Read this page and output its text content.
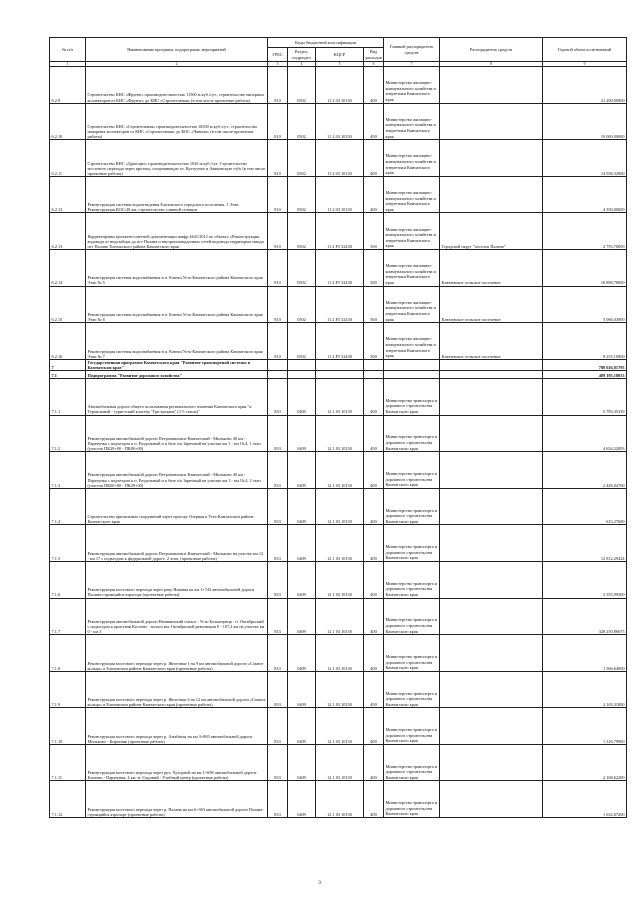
№ п/п	Наименование программ, подпрограмм, мероприятий	Коды бюджетной классификации				Главный распорядитель средств	Распорядитель средств	Годовой объем ассигнований
		ГРБС	Раздел, подраздел	КЦСР	Вид расходов			
1	2	3	4	5	6	7	8	9
6.2.9	Строительство КНС «Фрунзе» производительностью 11500 м.куб./сут., строительство напорных коллекторов от КНС «Фрунзе» до КНС «Строительная» (в том числе проектные работы)	810	0502	11 2 03 10130	400	Министерство жилищно-коммунального хозяйства и энергетики Камчатского края		21 200,00000
6.2.10	Строительство КНС «Строительная» производительностью 16500 м.куб./сут., строительство напорных коллекторов от КНС «Строительная» до КОС «Чавыча» (в том числе проектные работы)	810	0502	11 2 03 10130	400	Министерство жилищно-коммунального хозяйства и энергетики Камчатского края		19 000,00000
6.2.11	Строительство КНС «Драгоцит» производительностью 1020 м.куб./сут. Строительство мостового перехода через протоку, соединяющую оз. Култучное и Авачинскую губу (в том числе проектные работы)	810	0502	11 2 03 10130	400	Министерство жилищно-коммунального хозяйства и энергетики Камчатского края		14 938,32900
6.2.12	Реконструкция системы водоотведения Елизовского городского поселения. 1 Этап. Реконструкция КОС-28 км, строительство сливной станции	810	0502	11 2 03 10130	400	Министерство жилищно-коммунального хозяйства и энергетики Камчатского края		4 350,00000
6.2.13	Корректировка проектно-сметной документации шифр 4641/2012 по объекту «Реконструкция водовода от водозабора до пгт Палана и внутриплощадочных сетей водовода территории завода пгт Палана Тигильского района Камчатского края	810	0502	11 2 F5 52430	500	Министерство жилищно-коммунального хозяйства и энергетики Камчатского края	Городской округ "поселок Палана"	2 755,70000
6.2.14	Реконструкция системы водоснабжения в п. Ключи Усть-Камчатского района Камчатского края Этап № 5	810	0502	11 2 F5 52430	500	Министерство жилищно-коммунального хозяйства и энергетики Камчатского края	Ключевское сельское поселение	16 898,78000
6.2.15	Реконструкция системы водоснабжения в п. Ключи Усть-Камчатского района Камчатского края Этап № 6	810	0502	11 2 F5 52430	500	Министерство жилищно-коммунального хозяйства и энергетики Камчатского края	Ключевское сельское поселение	5 066,03000
6.2.16	Реконструкция системы водоснабжения в п. Ключи Усть-Камчатского района Камчатского края Этап № 7	810	0502	11 2 F5 52430	500	Министерство жилищно-коммунального хозяйства и энергетики Камчатского края	Ключевское сельское поселение	9 255,10000
7	Государственная программа Камчатского края "Развитие транспортной системы в Камчатском крае"							788 026,81793
7.1	Подпрограмма "Развитие дорожного хозяйства"							489 195,18033
7.1.1	Автомобильная дорога общего пользования регионального значения Камчатского края "а. Термальный - туристский кластер "Три вулкана" (1-3 этапы)"	833	0409	12 1 03 10130	400	Министерство транспорта и дорожного строительства Камчатского края		5 783,35339
7.1.2	Реконструкция автомобильной дороги Петропавловск-Камчатский - Мильково 40 км - Паратунка с подъездом к п. Раздольный и к базе о/к Заречный на участке км 1 - км 16,4, 1 этап (участок ПК28+00 - ПК80+00)	833	0409	12 1 03 10130	400	Министерство транспорта и дорожного строительства Камчатского края		4 654,22093
7.1.3	Реконструкция автомобильной дороги Петропавловск-Камчатский - Мильково 40 км - Паратунка с подъездом к п. Раздольный и к базе о/к Заречный на участке км 1 - км 16,4, 2 этап (участок ПК00+00 - ПК28+00)	833	0409	12 1 03 10130	400	Министерство транспорта и дорожного строительства Камчатского края		2 428,04700
7.1.4	Строительство причальных сооружений через протоку Озерная в Усть-Камчатском районе Камчатского края	833	0409	12 1 03 10130	400	Министерство транспорта и дорожного строительства Камчатского края		613,27600
7.1.5	Реконструкция автомобильной дороги Петропавловск-Камчатский - Мильково на участке км 12 - км 17 с подъездом к федеральной дороге. 2 этап. (проектные работы)	833	0409	12 1 03 10130	400	Министерство транспорта и дорожного строительства Камчатского края		12 812,29424
7.1.6	Реконструкция мостового перехода через реку Нижняя на км 1+743 автомобильной дороги Палана-строящийся аэропорт (проектные работы)	833	0409	12 1 03 10130	400	Министерство транспорта и дорожного строительства Камчатского края		3 355,99300
7.1.7	Реконструкция автомобильной дороги Начикинский совхоз - Усть-Большерецк - п. Октябрьский с подъездом к пристани Косоево - колхоз им. Октябрьской революции 0 - 107,2 км на участке км 0 - км 3	833	0409	12 1 03 10130	400	Министерство транспорта и дорожного строительства Камчатского края		328 250,86675
7.1.8	Реконструкция мостового перехода через р. Железная-1 на 9 км автомобильной дороги «Сокное кольцо» в Елизовском районе Камчатского края (проектные работы)	833	0409	12 1 03 10130	400	Министерство транспорта и дорожного строительства Камчатского края		1 566,64000
7.1.9	Реконструкция мостового перехода через р. Железная-2 на 12 км автомобильной дороги «Сокное кольцо» в Елизовском районе Камчатского края (проектные работы)	833	0409	12 1 03 10130	400	Министерство транспорта и дорожного строительства Камчатского края		2 165,31800
7.1.10	Реконструкция мостового перехода через р. Ажабачья на км 3+865 автомобильной дороги Мильково - Кирганик (проектные работы)	833	0409	12 1 03 10130	400	Министерство транспорта и дорожного строительства Камчатского края		1 316,79900
7.1.11	Реконструкция мостового перехода через руч. Хуторной на км 1+698 автомобильной дороги Елизово - Паратунка, 4 км -п. Садовый - Учебный центр (проектные работы)	833	0409	12 1 03 10130	400	Министерство транспорта и дорожного строительства Камчатского края		2 168,62200
7.1.12	Реконструкция мостового перехода через р. Палана на км 6+363 автомобильной дороги Палана-строящийся аэропорт (проектные работы)	833	0409	12 1 03 10130	400	Министерство транспорта и дорожного строительства Камчатского края		1 632,67200
3
